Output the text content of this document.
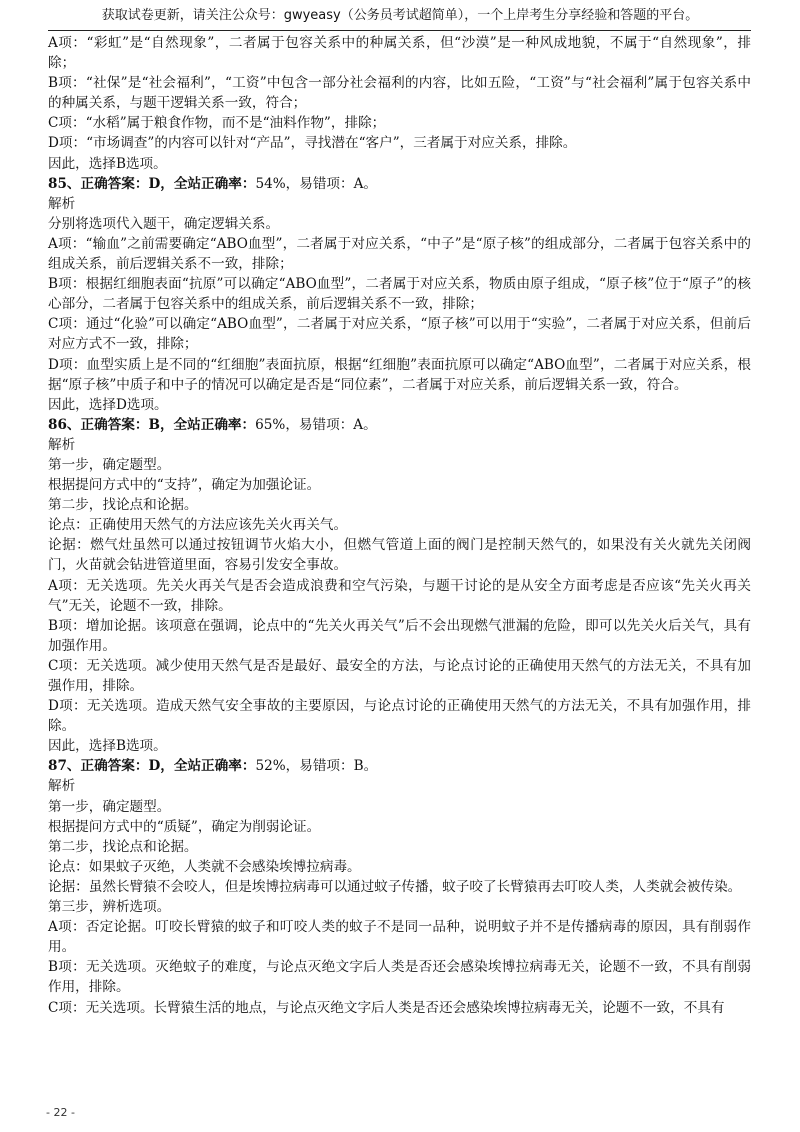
获取试卷更新，请关注公众号：gwyeasy（公务员考试超简单），一个上岸考生分享经验和答题的平台。

A项：“彩虹”是“自然现象”，二者属于包容关系中的种属关系，但“沙漠”是一种风成地貌，不属于“自然现象”，排除；

B项：“社保”是“社会福利”，“工资”中包含一部分社会福利的内容，比如五险，“工资”与“社会福利”属于包容关系中的种属关系，与题干逻辑关系一致，符合；

C项：“水稻”属于粮食作物，而不是“油料作物”，排除；

D项：“市场调查”的内容可以针对“产品”，寻找潜在“客户”，三者属于对应关系，排除。

因此，选择B选项。

85、正确答案：D，全站正确率：54%，易错项：A。

解析

分别将选项代入题干，确定逻辑关系。

A项：“输血”之前需要确定“ABO血型”，二者属于对应关系，“中子”是“原子核”的组成部分，二者属于包容关系中的组成关系，前后逻辑关系不一致，排除；

B项：根据红细胞表面“抗原”可以确定“ABO血型”，二者属于对应关系，物质由原子组成，“原子核”位于“原子”的核心部分，二者属于包容关系中的组成关系，前后逻辑关系不一致，排除；

C项：通过“化验”可以确定“ABO血型”，二者属于对应关系，“原子核”可以用于“实验”，二者属于对应关系，但前后对应方式不一致，排除；

D项：血型实质上是不同的“红细胞”表面抗原，根据“红细胞”表面抗原可以确定“ABO血型”，二者属于对应关系，根据“原子核”中质子和中子的情况可以确定是否是“同位素”，二者属于对应关系，前后逻辑关系一致，符合。

因此，选择D选项。

86、正确答案：B，全站正确率：65%，易错项：A。

解析

第一步，确定题型。

根据提问方式中的“支持”，确定为加强论证。

第二步，找论点和论据。

论点：正确使用天然气的方法应该先关火再关气。

论据：燃气灶虽然可以通过按钮调节火焰大小，但燃气管道上面的阀门是控制天然气的，如果没有关火就先关闭阀门，火苗就会钻进管道里面，容易引发安全事故。

A项：无关选项。先关火再关气是否会造成浪费和空气污染，与题干讨论的是从安全方面考虑是否应该“先关火再关气”无关，论题不一致，排除。

B项：增加论据。该项意在强调，论点中的“先关火再关气”后不会出现燃气泄漏的危险，即可以先关火后关气，具有加强作用。

C项：无关选项。减少使用天然气是否是最好、最安全的方法，与论点讨论的正确使用天然气的方法无关，不具有加强作用，排除。

D项：无关选项。造成天然气安全事故的主要原因，与论点讨论的正确使用天然气的方法无关，不具有加强作用，排除。

因此，选择B选项。

87、正确答案：D，全站正确率：52%，易错项：B。

解析

第一步，确定题型。

根据提问方式中的“质疑”，确定为削弱论证。

第二步，找论点和论据。

论点：如果蚊子灭绝，人类就不会感染埃博拉病毒。

论据：虽然长臂猿不会咬人，但是埃博拉病毒可以通过蚊子传播，蚊子咬了长臂猿再去叮咬人类，人类就会被传染。

第三步，辨析选项。

A项：否定论据。叮咬长臂猿的蚊子和叮咬人类的蚊子不是同一品种，说明蚊子并不是传播病毒的原因，具有削弱作用。

B项：无关选项。灭绝蚊子的难度，与论点灭绝文字后人类是否还会感染埃博拉病毒无关，论题不一致，不具有削弱作用，排除。

C项：无关选项。长臂猿生活的地点，与论点灭绝文字后人类是否还会感染埃博拉病毒无关，论题不一致，不具有

- 22 -
